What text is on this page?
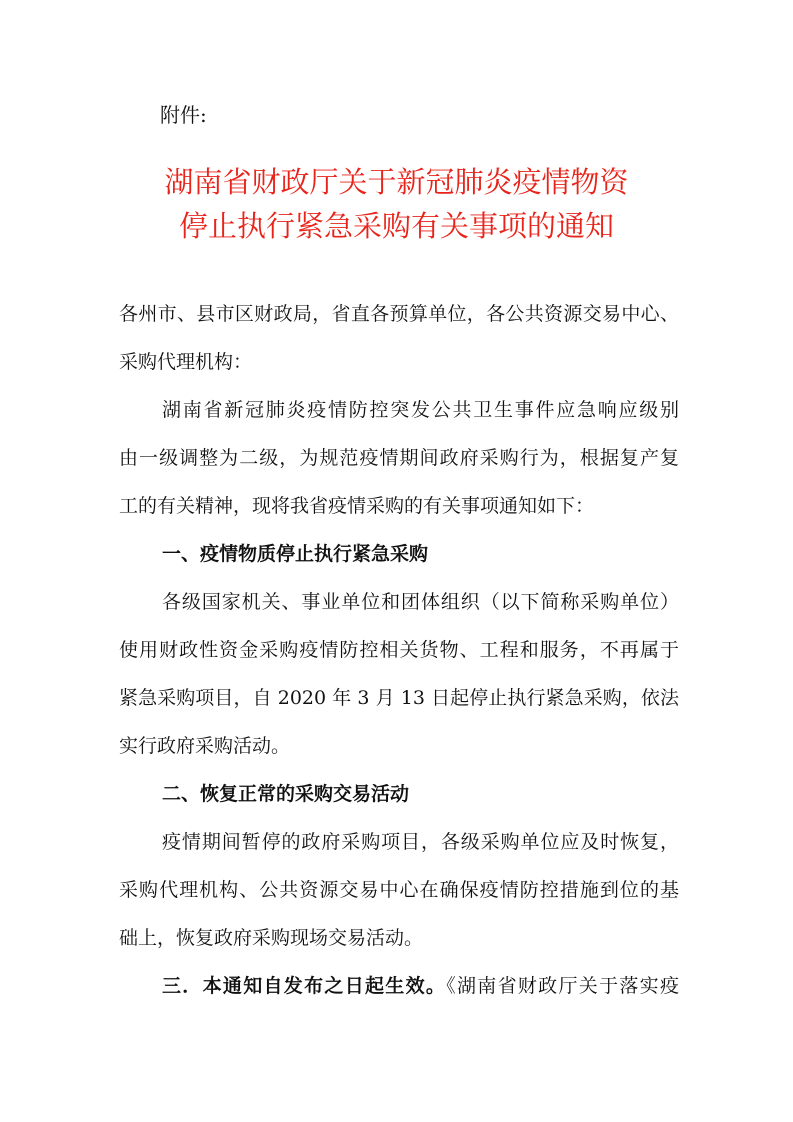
附件:

湖南省财政厅关于新冠肺炎疫情物资
停止执行紧急采购有关事项的通知

各州市、县市区财政局，省直各预算单位，各公共资源交易中心、

采购代理机构：

湖南省新冠肺炎疫情防控突发公共卫生事件应急响应级别

由一级调整为二级，为规范疫情期间政府采购行为，根据复产复

工的有关精神，现将我省疫情采购的有关事项通知如下：

一、疫情物质停止执行紧急采购

各级国家机关、事业单位和团体组织（以下简称采购单位）

使用财政性资金采购疫情防控相关货物、工程和服务，不再属于

紧急采购项目，自 2020 年 3 月 13 日起停止执行紧急采购，依法

实行政府采购活动。

二、恢复正常的采购交易活动

疫情期间暂停的政府采购项目，各级采购单位应及时恢复，

采购代理机构、公共资源交易中心在确保疫情防控措施到位的基

础上，恢复政府采购现场交易活动。

三．本通知自发布之日起生效。《湖南省财政厅关于落实疫
